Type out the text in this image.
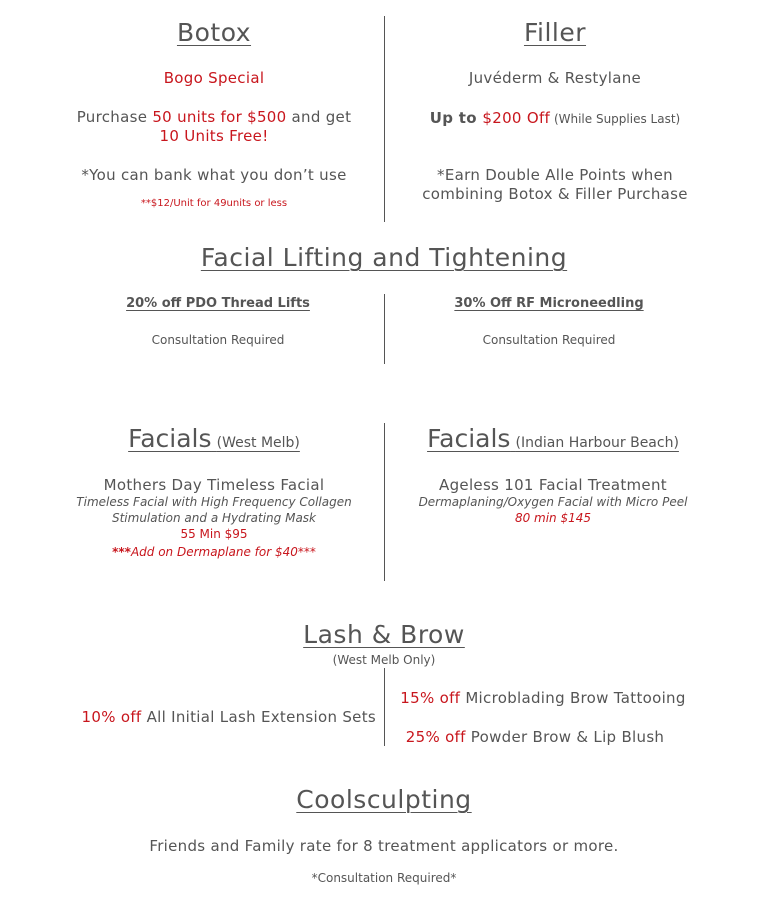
Botox
Bogo Special
Purchase 50 units for $500 and get
10 Units Free!
*You can bank what you don’t use
**$12/Unit for 49units or less
Filler
Juvéderm & Restylane
Up to $200 Off (While Supplies Last)
*Earn Double Alle Points when
combining Botox & Filler Purchase
Facial Lifting and Tightening
20% off PDO Thread Lifts
Consultation Required
30% Off RF Microneedling
Consultation Required
Facials (West Melb)
Mothers Day Timeless Facial
Timeless Facial with High Frequency Collagen
Stimulation and a Hydrating Mask
55 Min $95
***Add on Dermaplane for $40***
Facials (Indian Harbour Beach)
Ageless 101 Facial Treatment
Dermaplaning/Oxygen Facial with Micro Peel
80 min $145
Lash & Brow
(West Melb Only)
10% off All Initial Lash Extension Sets
15% off Microblading Brow Tattooing
25% off Powder Brow & Lip Blush
Coolsculpting
Friends and Family rate for 8 treatment applicators or more.
*Consultation Required*
